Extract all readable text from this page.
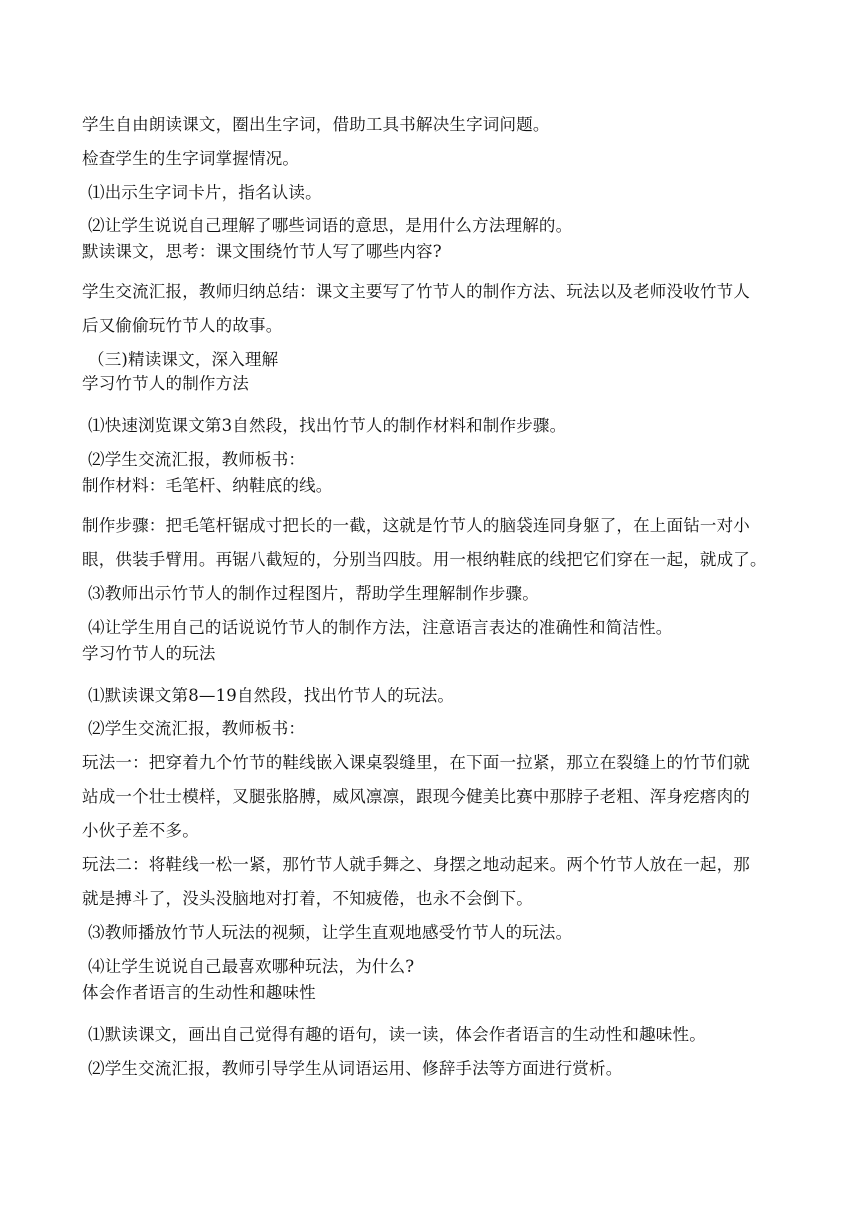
学生自由朗读课文，圈出生字词，借助工具书解决生字词问题。
检查学生的生字词掌握情况。
⑴出示生字词卡片，指名认读。
⑵让学生说说自己理解了哪些词语的意思，是用什么方法理解的。
默读课文，思考：课文围绕竹节人写了哪些内容?
学生交流汇报，教师归纳总结：课文主要写了竹节人的制作方法、玩法以及老师没收竹节人
后又偷偷玩竹节人的故事。
（三)精读课文，深入理解
学习竹节人的制作方法
⑴快速浏览课文第3自然段，找出竹节人的制作材料和制作步骤。
⑵学生交流汇报，教师板书：
制作材料：毛笔杆、纳鞋底的线。
制作步骤：把毛笔杆锯成寸把长的一截，这就是竹节人的脑袋连同身躯了，在上面钻一对小
眼，供装手臂用。再锯八截短的，分别当四肢。用一根纳鞋底的线把它们穿在一起，就成了。
⑶教师出示竹节人的制作过程图片，帮助学生理解制作步骤。
⑷让学生用自己的话说说竹节人的制作方法，注意语言表达的准确性和简洁性。
学习竹节人的玩法
⑴默读课文第8—19自然段，找出竹节人的玩法。
⑵学生交流汇报，教师板书：
玩法一：把穿着九个竹节的鞋线嵌入课桌裂缝里，在下面一拉紧，那立在裂缝上的竹节们就
站成一个壮士模样，叉腿张胳膊，威风凛凛，跟现今健美比赛中那脖子老粗、浑身疙瘩肉的
小伙子差不多。
玩法二：将鞋线一松一紧，那竹节人就手舞之、身摆之地动起来。两个竹节人放在一起，那
就是搏斗了，没头没脑地对打着，不知疲倦，也永不会倒下。
⑶教师播放竹节人玩法的视频，让学生直观地感受竹节人的玩法。
⑷让学生说说自己最喜欢哪种玩法，为什么?
体会作者语言的生动性和趣味性
⑴默读课文，画出自己觉得有趣的语句，读一读，体会作者语言的生动性和趣味性。
⑵学生交流汇报，教师引导学生从词语运用、修辞手法等方面进行赏析。
